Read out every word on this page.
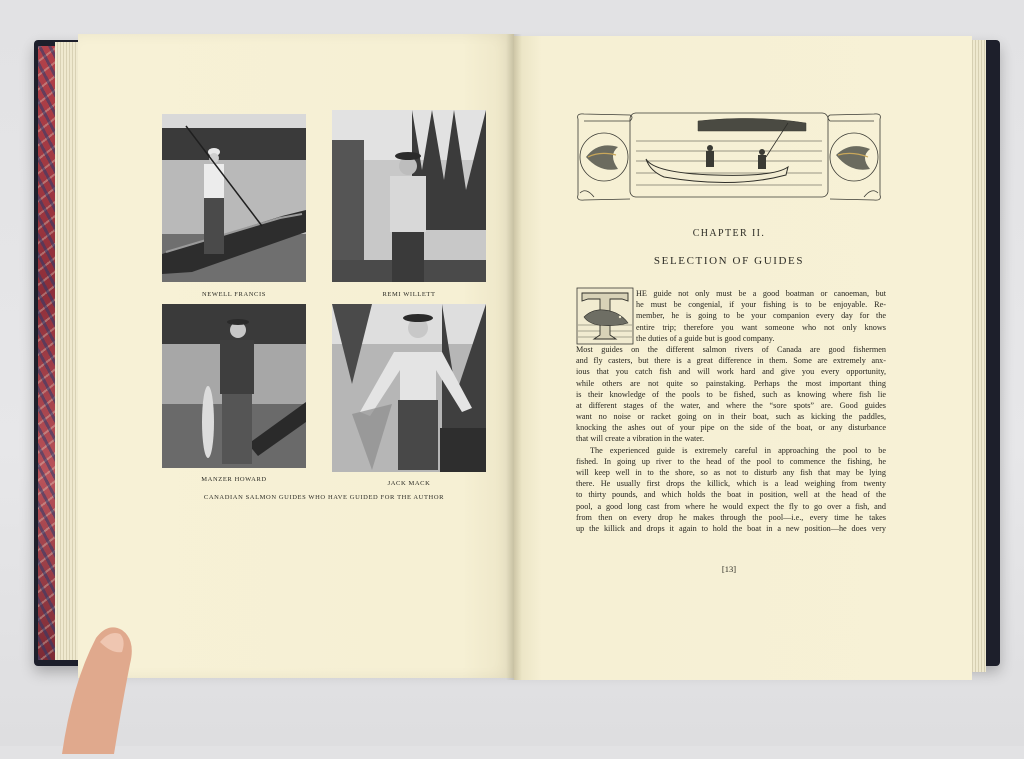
NEWELL FRANCIS	REMI WILLETT
MANZER HOWARD
JACK MACK
CANADIAN SALMON GUIDES WHO HAVE GUIDED FOR THE AUTHOR
CHAPTER II.
SELECTION OF GUIDES
HE guide not only must be a good boatman or canoeman, but
he must be congenial, if your fishing is to be enjoyable. Re-
member, he is going to be your companion every day for the
entire trip; therefore you want someone who not only knows
the duties of a guide but is good company.
Most guides on the different salmon rivers of Canada are good fishermen
and fly casters, but there is a great difference in them. Some are extremely anx-
ious that you catch fish and will work hard and give you every opportunity,
while others are not quite so painstaking. Perhaps the most important thing
is their knowledge of the pools to be fished, such as knowing where fish lie
at different stages of the water, and where the “sore spots” are. Good guides
want no noise or racket going on in their boat, such as kicking the paddles,
knocking the ashes out of your pipe on the side of the boat, or any disturbance
that will create a vibration in the water.
The experienced guide is extremely careful in approaching the pool to be
fished. In going up river to the head of the pool to commence the fishing, he
will keep well in to the shore, so as not to disturb any fish that may be lying
there. He usually first drops the killick, which is a lead weighing from twenty
to thirty pounds, and which holds the boat in position, well at the head of the
pool, a good long cast from where he would expect the fly to go over a fish, and
from then on every drop he makes through the pool—i.e., every time he takes
up the killick and drops it again to hold the boat in a new position—he does very
[13]
